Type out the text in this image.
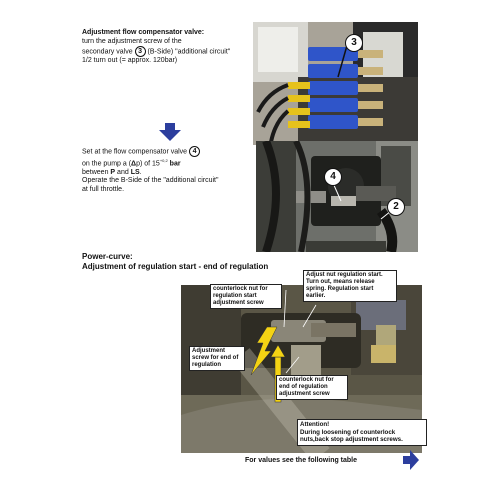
Adjustment flow compensator valve:
turn the adjustment screw of the
secondary valve 3 (B-Side) "additional circuit"
1/2 turn out (= approx. 120bar)
3
Set at the flow compensator valve 4
on the pump a (Δp) of $15^{+0,2}$ bar
between P and LS.
Operate the B-Side of the "additional circuit"
at full throttle.
4
2
Power-curve:
Adjustment of regulation start - end of regulation
counterlock nut for regulation start adjustment screw
Adjust nut regulation start. Turn out, means release spring. Regulation start earlier.
Adjustment screw for end of regulation
counterlock nut for end of regulation adjustment screw
Attention!
During loosening of counterlock nuts,back stop adjustment screws.
For values see the following table
